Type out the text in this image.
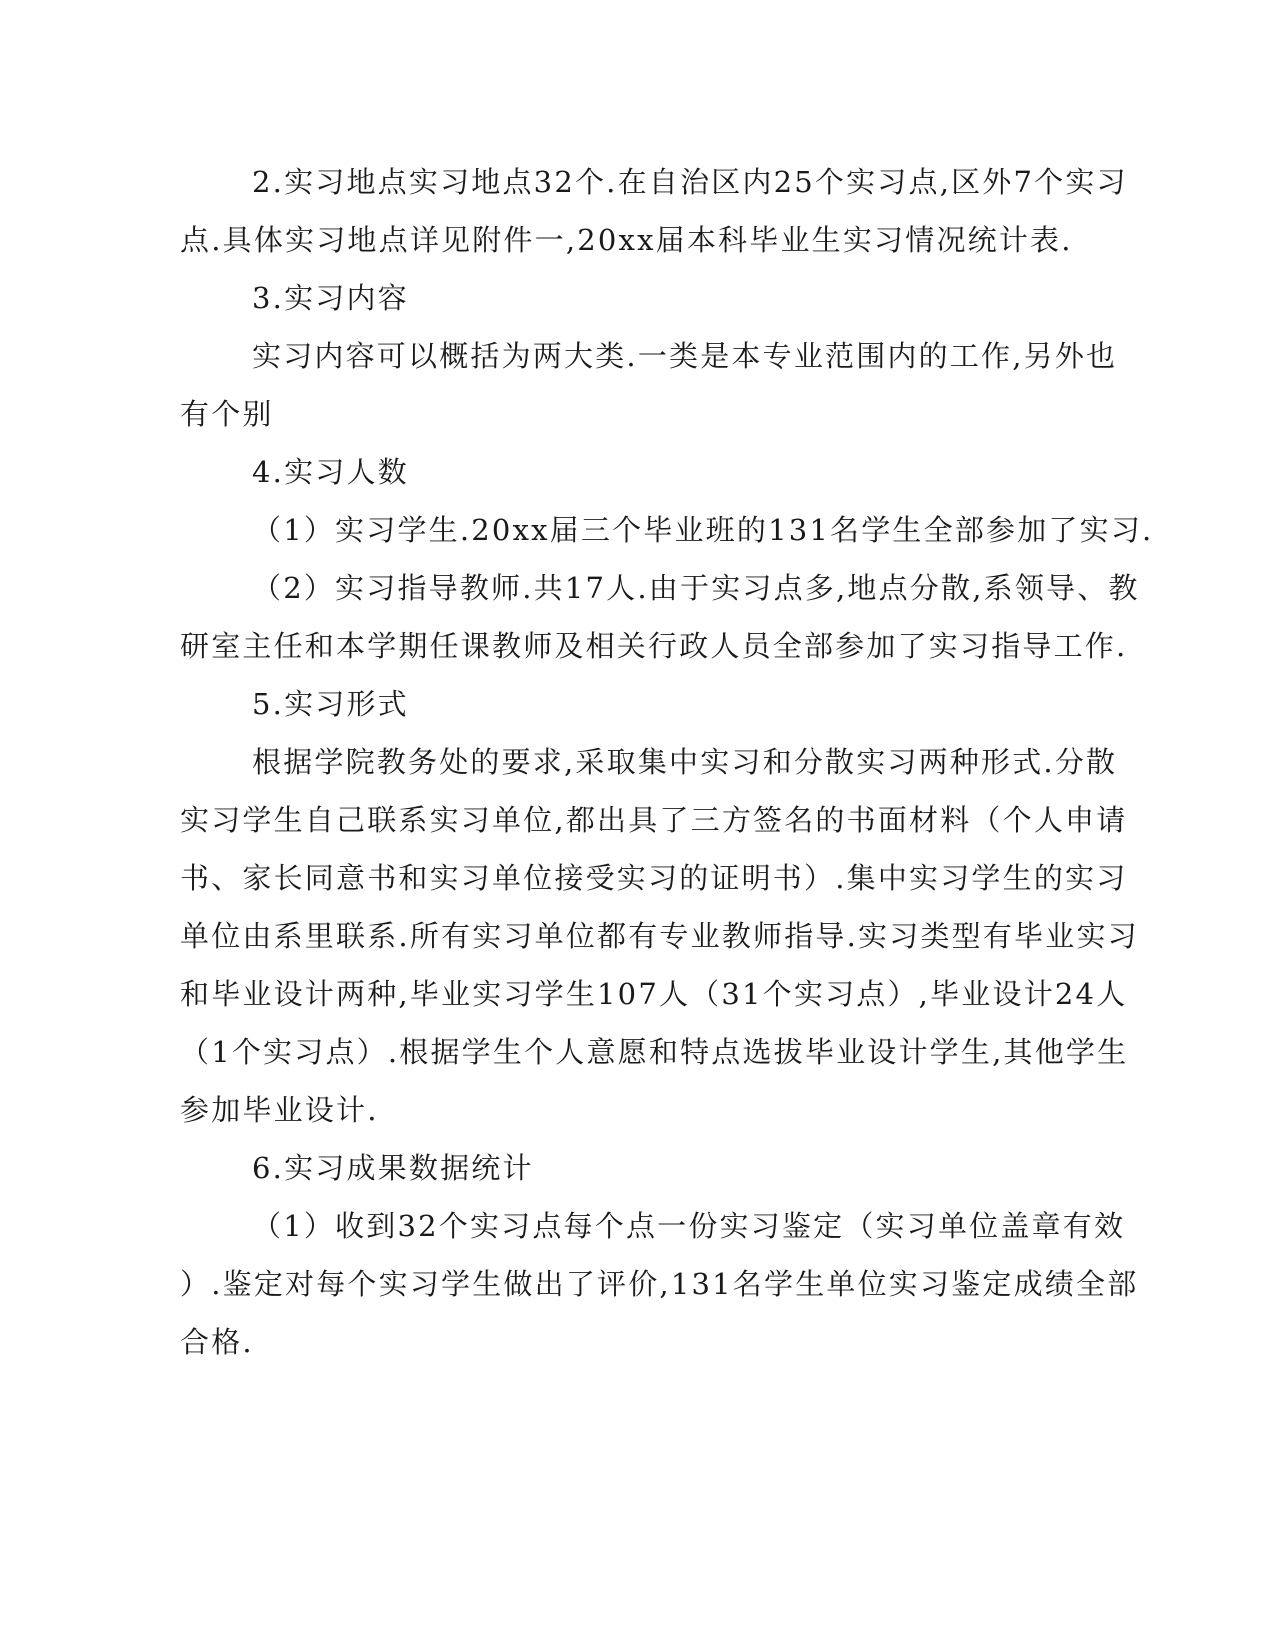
2.实习地点实习地点32个.在自治区内25个实习点,区外7个实习
点.具体实习地点详见附件一,20xx届本科毕业生实习情况统计表.
3.实习内容
实习内容可以概括为两大类.一类是本专业范围内的工作,另外也
有个别
4.实习人数
（1）实习学生.20xx届三个毕业班的131名学生全部参加了实习.
（2）实习指导教师.共17人.由于实习点多,地点分散,系领导、教
研室主任和本学期任课教师及相关行政人员全部参加了实习指导工作.
5.实习形式
根据学院教务处的要求,采取集中实习和分散实习两种形式.分散
实习学生自己联系实习单位,都出具了三方签名的书面材料（个人申请
书、家长同意书和实习单位接受实习的证明书）.集中实习学生的实习
单位由系里联系.所有实习单位都有专业教师指导.实习类型有毕业实习
和毕业设计两种,毕业实习学生107人（31个实习点）,毕业设计24人
（1个实习点）.根据学生个人意愿和特点选拔毕业设计学生,其他学生
参加毕业设计.
6.实习成果数据统计
（1）收到32个实习点每个点一份实习鉴定（实习单位盖章有效
）.鉴定对每个实习学生做出了评价,131名学生单位实习鉴定成绩全部
合格.
